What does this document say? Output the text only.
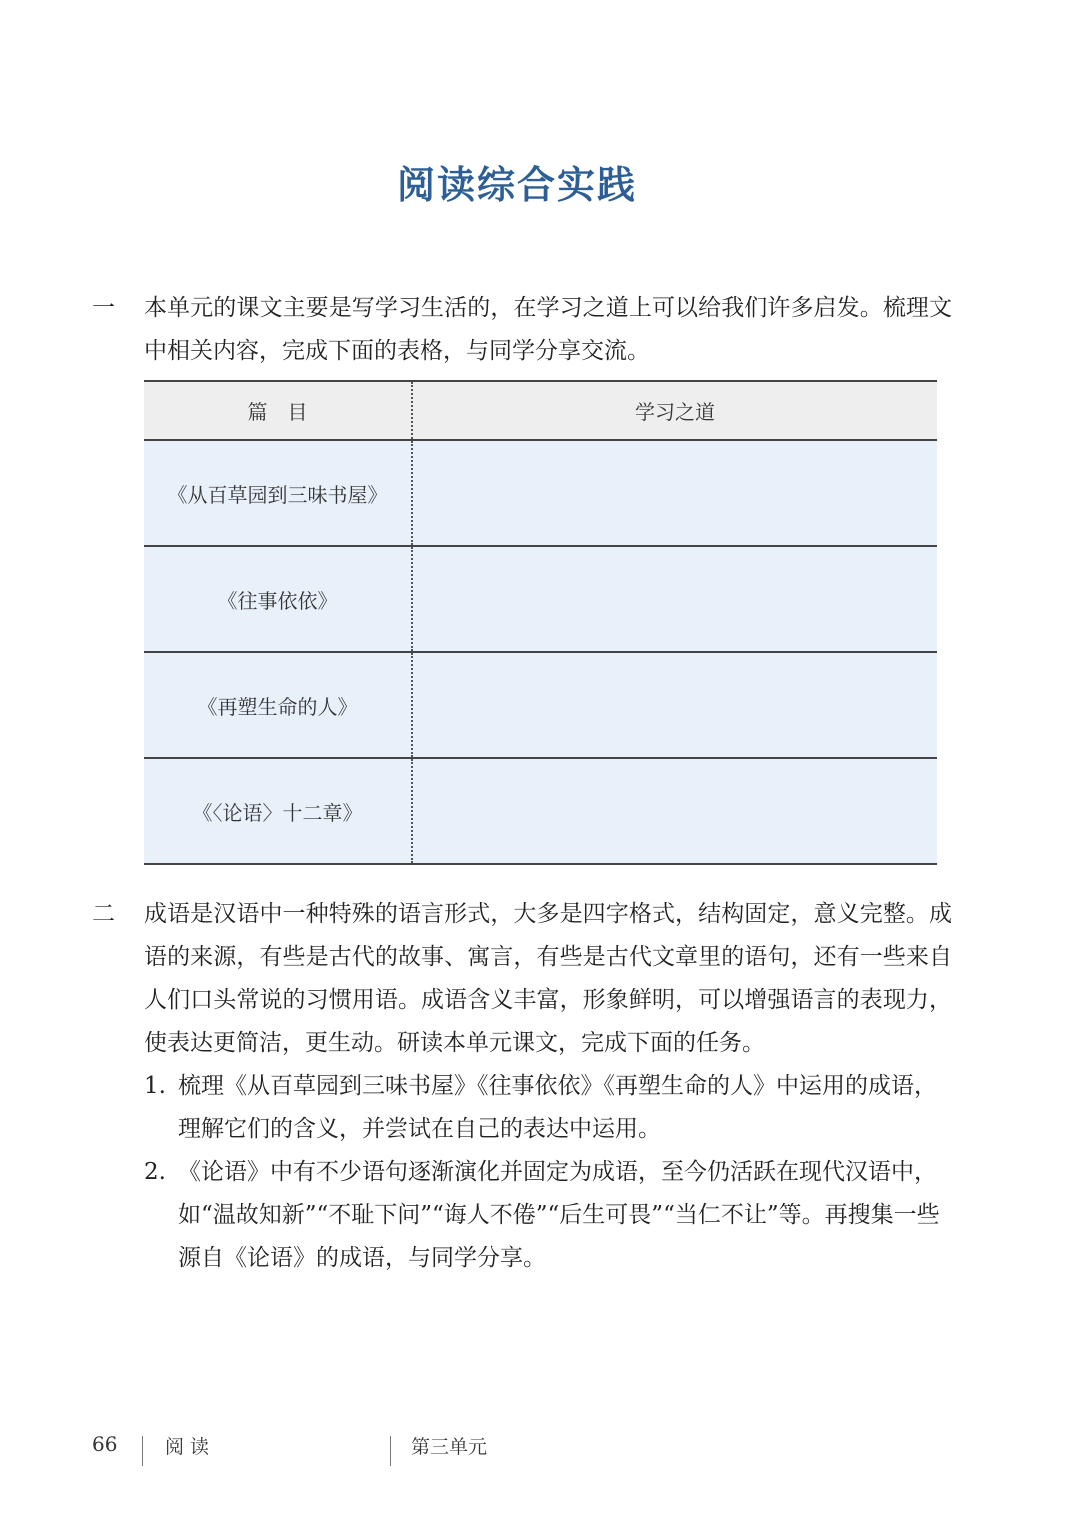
阅读综合实践
一	本单元的课文主要是写学习生活的，在学习之道上可以给我们许多启发。梳理文中相关内容，完成下面的表格，与同学分享交流。
篇　目	学习之道
《从百草园到三味书屋》	
《往事依依》	
《再塑生命的人》	
《〈论语〉十二章》	
二	成语是汉语中一种特殊的语言形式，大多是四字格式，结构固定，意义完整。成语的来源，有些是古代的故事、寓言，有些是古代文章里的语句，还有一些来自人们口头常说的习惯用语。成语含义丰富，形象鲜明，可以增强语言的表现力，使表达更简洁，更生动。研读本单元课文，完成下面的任务。
1. 梳理《从百草园到三味书屋》《往事依依》《再塑生命的人》中运用的成语，理解它们的含义，并尝试在自己的表达中运用。
2. 《论语》中有不少语句逐渐演化并固定为成语，至今仍活跃在现代汉语中，如“温故知新”“不耻下问”“诲人不倦”“后生可畏”“当仁不让”等。再搜集一些源自《论语》的成语，与同学分享。
66	阅读	第三单元
